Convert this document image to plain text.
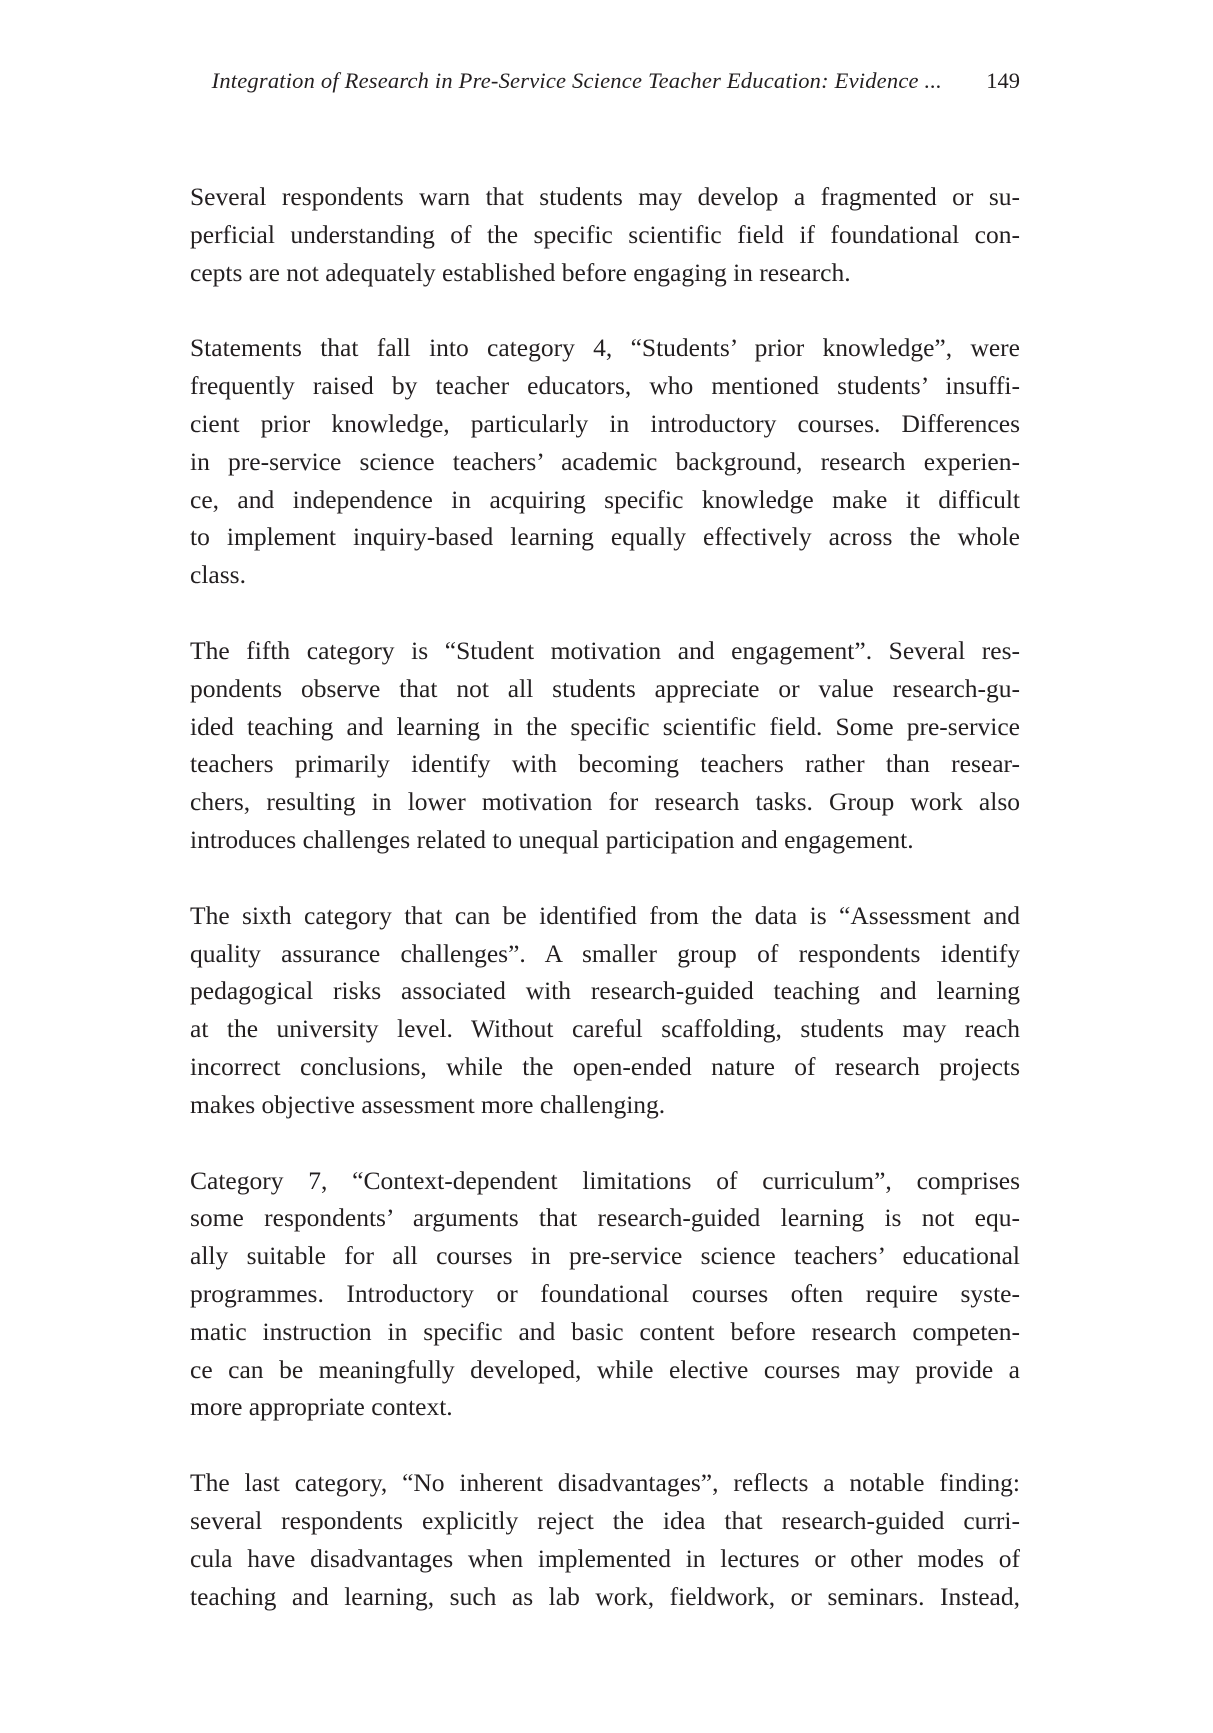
Integration of Research in Pre-Service Science Teacher Education: Evidence ... 149

Several respondents warn that students may develop a fragmented or su-
perficial understanding of the specific scientific field if foundational con-
cepts are not adequately established before engaging in research.

Statements that fall into category 4, “Students’ prior knowledge”, were
frequently raised by teacher educators, who mentioned students’ insuffi-
cient prior knowledge, particularly in introductory courses. Differences
in pre-service science teachers’ academic background, research experien-
ce, and independence in acquiring specific knowledge make it difficult
to implement inquiry-based learning equally effectively across the whole
class.

The fifth category is “Student motivation and engagement”. Several res-
pondents observe that not all students appreciate or value research-gu-
ided teaching and learning in the specific scientific field. Some pre-service
teachers primarily identify with becoming teachers rather than resear-
chers, resulting in lower motivation for research tasks. Group work also
introduces challenges related to unequal participation and engagement.

The sixth category that can be identified from the data is “Assessment and
quality assurance challenges”. A smaller group of respondents identify
pedagogical risks associated with research-guided teaching and learning
at the university level. Without careful scaffolding, students may reach
incorrect conclusions, while the open-ended nature of research projects
makes objective assessment more challenging.

Category 7, “Context-dependent limitations of curriculum”, comprises
some respondents’ arguments that research-guided learning is not equ-
ally suitable for all courses in pre-service science teachers’ educational
programmes. Introductory or foundational courses often require syste-
matic instruction in specific and basic content before research competen-
ce can be meaningfully developed, while elective courses may provide a
more appropriate context.

The last category, “No inherent disadvantages”, reflects a notable finding:
several respondents explicitly reject the idea that research-guided curri-
cula have disadvantages when implemented in lectures or other modes of
teaching and learning, such as lab work, fieldwork, or seminars. Instead,
